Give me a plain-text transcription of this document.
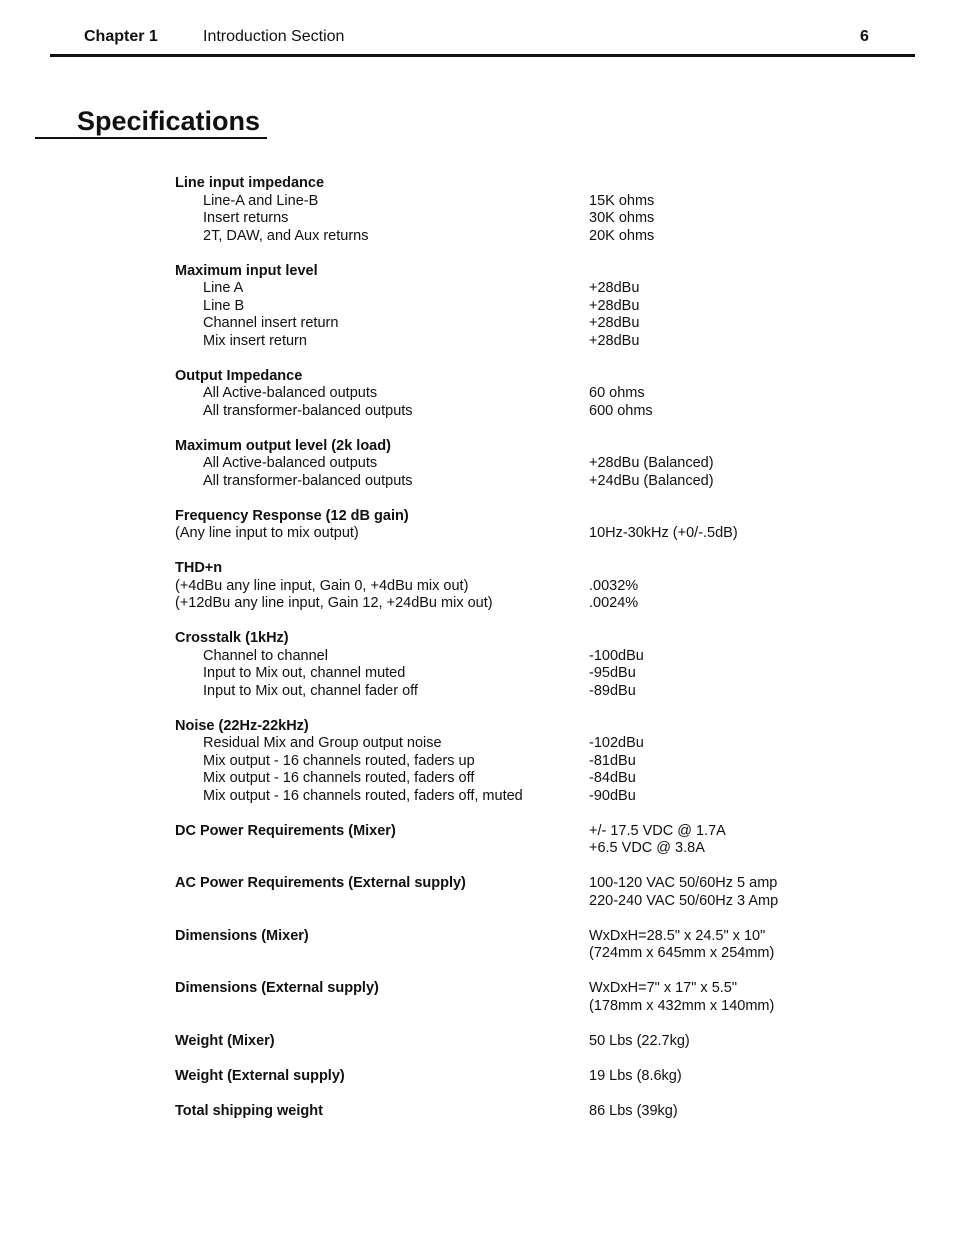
Chapter 1	Introduction Section	6
Specifications
Line input impedance
Line-A and Line-B	15K ohms
Insert returns	30K ohms
2T, DAW, and Aux returns	20K ohms
Maximum input level
Line A	+28dBu
Line B	+28dBu
Channel insert return	+28dBu
Mix insert return	+28dBu
Output Impedance
All Active-balanced outputs	60 ohms
All transformer-balanced outputs	600 ohms
Maximum output level (2k load)
All Active-balanced outputs	+28dBu (Balanced)
All transformer-balanced outputs	+24dBu (Balanced)
Frequency Response (12 dB gain)
(Any line input to mix output)	10Hz-30kHz (+0/-.5dB)
THD+n
(+4dBu any line input, Gain 0, +4dBu mix out)	.0032%
(+12dBu any line input, Gain 12, +24dBu mix out)	.0024%
Crosstalk (1kHz)
Channel to channel	-100dBu
Input to Mix out, channel muted	-95dBu
Input to Mix out, channel fader off	-89dBu
Noise (22Hz-22kHz)
Residual Mix and Group output noise	-102dBu
Mix output - 16 channels routed, faders up	-81dBu
Mix output - 16 channels routed, faders off	-84dBu
Mix output - 16 channels routed, faders off, muted	-90dBu
DC Power Requirements (Mixer)	+/- 17.5 VDC @ 1.7A
+6.5 VDC @ 3.8A
AC Power Requirements (External supply)	100-120 VAC 50/60Hz 5 amp
220-240 VAC 50/60Hz 3 Amp
Dimensions (Mixer)	WxDxH=28.5" x 24.5" x 10"
(724mm x 645mm x 254mm)
Dimensions (External supply)	WxDxH=7" x 17" x 5.5"
(178mm x 432mm x 140mm)
Weight (Mixer)	50 Lbs (22.7kg)
Weight (External supply)	19 Lbs (8.6kg)
Total shipping weight	86 Lbs (39kg)
